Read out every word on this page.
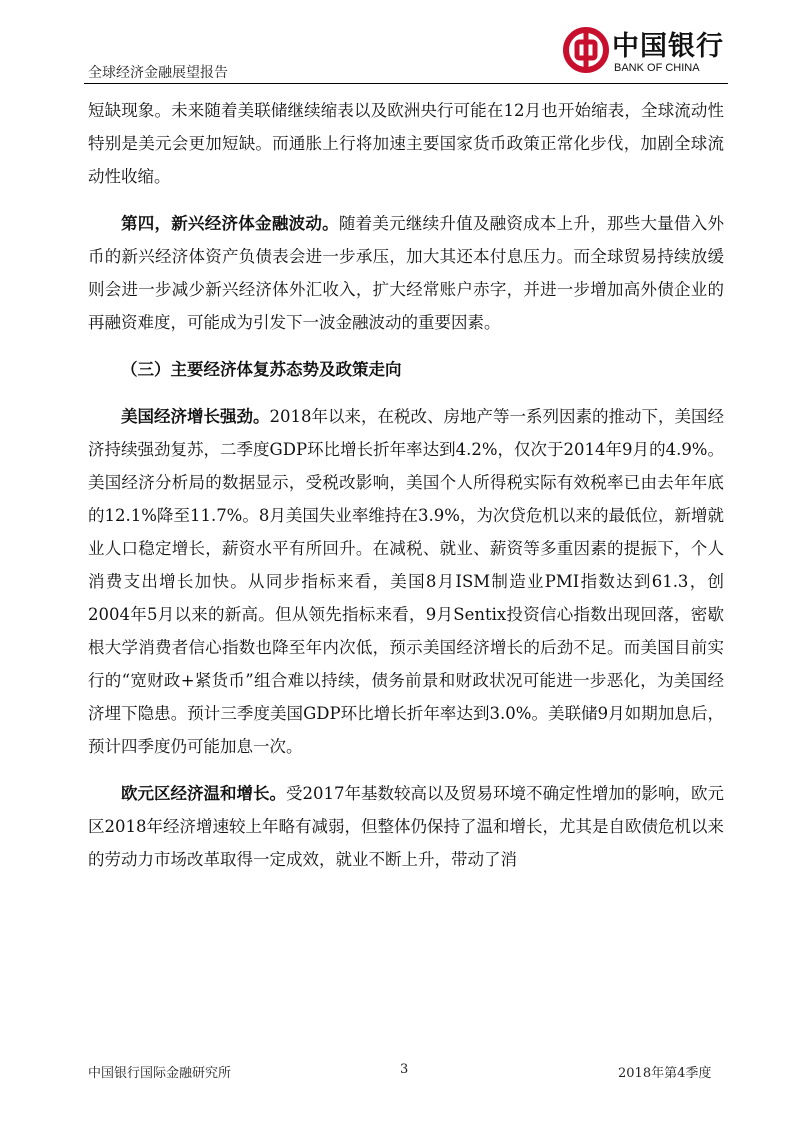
全球经济金融展望报告
中国银行
BANK OF CHINA

短缺现象。未来随着美联储继续缩表以及欧洲央行可能在12月也开始缩表，全球流动性特别是美元会更加短缺。而通胀上行将加速主要国家货币政策正常化步伐，加剧全球流动性收缩。

第四，新兴经济体金融波动。随着美元继续升值及融资成本上升，那些大量借入外币的新兴经济体资产负债表会进一步承压，加大其还本付息压力。而全球贸易持续放缓则会进一步减少新兴经济体外汇收入，扩大经常账户赤字，并进一步增加高外债企业的再融资难度，可能成为引发下一波金融波动的重要因素。

（三）主要经济体复苏态势及政策走向

美国经济增长强劲。2018年以来，在税改、房地产等一系列因素的推动下，美国经济持续强劲复苏，二季度GDP环比增长折年率达到4.2%，仅次于2014年9月的4.9%。美国经济分析局的数据显示，受税改影响，美国个人所得税实际有效税率已由去年年底的12.1%降至11.7%。8月美国失业率维持在3.9%，为次贷危机以来的最低位，新增就业人口稳定增长，薪资水平有所回升。在减税、就业、薪资等多重因素的提振下，个人消费支出增长加快。从同步指标来看，美国8月ISM制造业PMI指数达到61.3，创2004年5月以来的新高。但从领先指标来看，9月Sentix投资信心指数出现回落，密歇根大学消费者信心指数也降至年内次低，预示美国经济增长的后劲不足。而美国目前实行的“宽财政+紧货币”组合难以持续，债务前景和财政状况可能进一步恶化，为美国经济埋下隐患。预计三季度美国GDP环比增长折年率达到3.0%。美联储9月如期加息后，预计四季度仍可能加息一次。

欧元区经济温和增长。受2017年基数较高以及贸易环境不确定性增加的影响，欧元区2018年经济增速较上年略有减弱，但整体仍保持了温和增长，尤其是自欧债危机以来的劳动力市场改革取得一定成效，就业不断上升，带动了消

中国银行国际金融研究所	3	2018年第4季度
